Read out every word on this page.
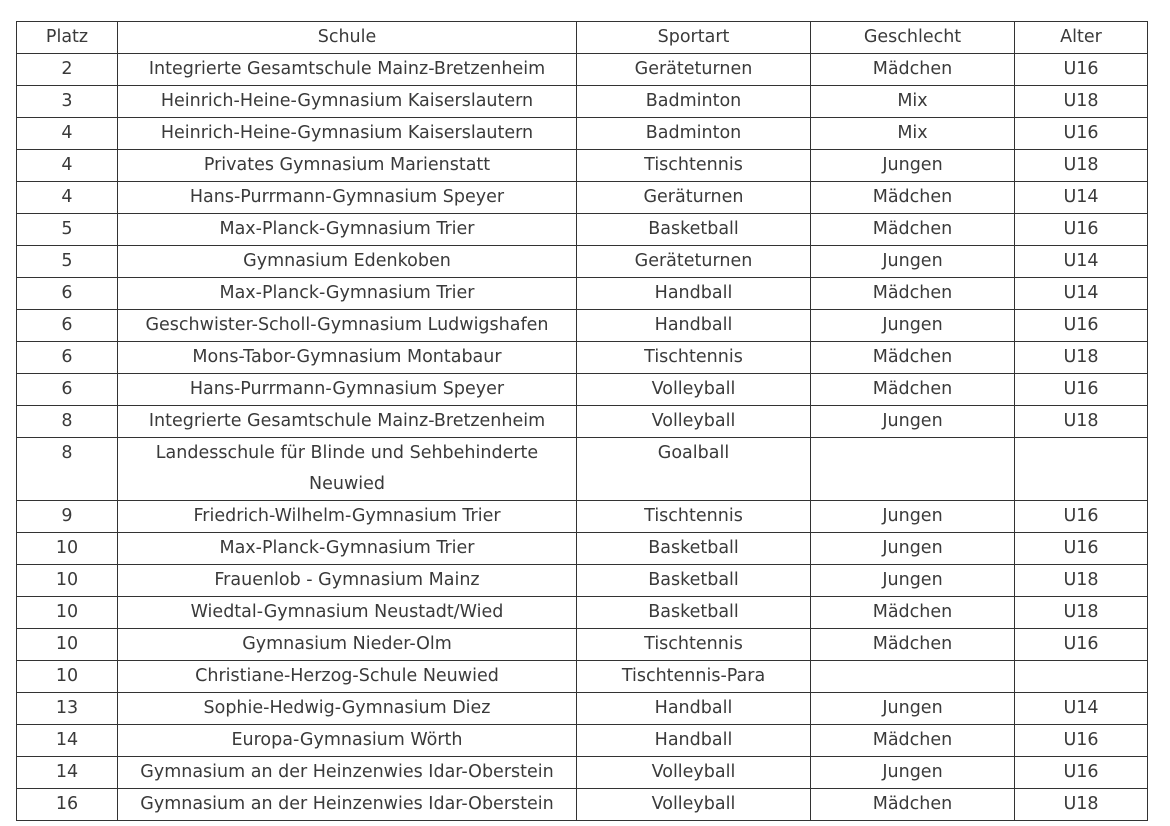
Platz	Schule	Sportart	Geschlecht	Alter
2	Integrierte Gesamtschule Mainz-Bretzenheim	Geräteturnen	Mädchen	U16
3	Heinrich-Heine-Gymnasium Kaiserslautern	Badminton	Mix	U18
4	Heinrich-Heine-Gymnasium Kaiserslautern	Badminton	Mix	U16
4	Privates Gymnasium Marienstatt	Tischtennis	Jungen	U18
4	Hans-Purrmann-Gymnasium Speyer	Geräturnen	Mädchen	U14
5	Max-Planck-Gymnasium Trier	Basketball	Mädchen	U16
5	Gymnasium Edenkoben	Geräteturnen	Jungen	U14
6	Max-Planck-Gymnasium Trier	Handball	Mädchen	U14
6	Geschwister-Scholl-Gymnasium Ludwigshafen	Handball	Jungen	U16
6	Mons-Tabor-Gymnasium Montabaur	Tischtennis	Mädchen	U18
6	Hans-Purrmann-Gymnasium Speyer	Volleyball	Mädchen	U16
8	Integrierte Gesamtschule Mainz-Bretzenheim	Volleyball	Jungen	U18
8	Landesschule für Blinde und Sehbehinderte Neuwied	Goalball		
9	Friedrich-Wilhelm-Gymnasium Trier	Tischtennis	Jungen	U16
10	Max-Planck-Gymnasium Trier	Basketball	Jungen	U16
10	Frauenlob - Gymnasium Mainz	Basketball	Jungen	U18
10	Wiedtal-Gymnasium Neustadt/Wied	Basketball	Mädchen	U18
10	Gymnasium Nieder-Olm	Tischtennis	Mädchen	U16
10	Christiane-Herzog-Schule Neuwied	Tischtennis-Para		
13	Sophie-Hedwig-Gymnasium Diez	Handball	Jungen	U14
14	Europa-Gymnasium Wörth	Handball	Mädchen	U16
14	Gymnasium an der Heinzenwies Idar-Oberstein	Volleyball	Jungen	U16
16	Gymnasium an der Heinzenwies Idar-Oberstein	Volleyball	Mädchen	U18
